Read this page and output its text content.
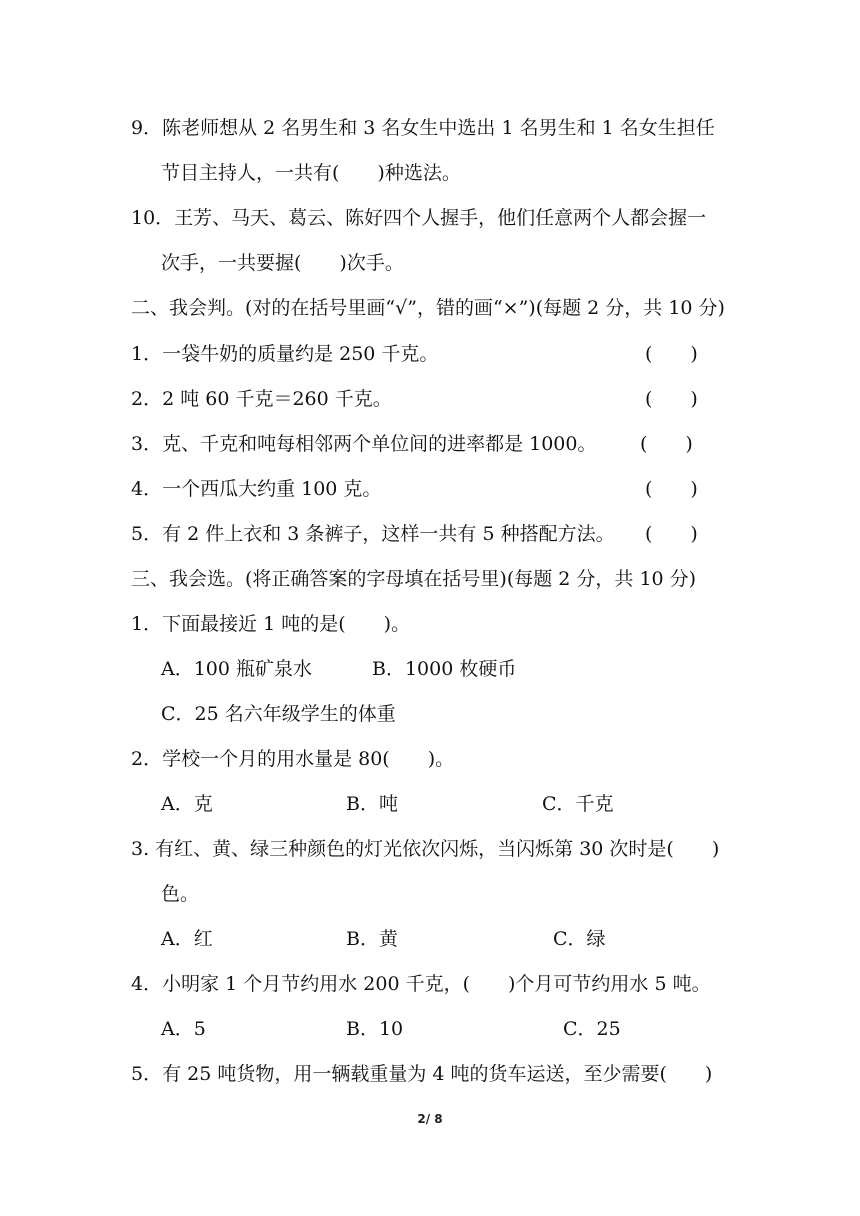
9．陈老师想从 2 名男生和 3 名女生中选出 1 名男生和 1 名女生担任
节目主持人，一共有(　　)种选法。
10．王芳、马天、葛云、陈好四个人握手，他们任意两个人都会握一
次手，一共要握(　　)次手。
二、我会判。(对的在括号里画“√”，错的画“×”)(每题 2 分，共 10 分)
1．一袋牛奶的质量约是 250 千克。	(　　)
2．2 吨 60 千克＝260 千克。	(　　)
3．克、千克和吨每相邻两个单位间的进率都是 1000。 (　　)
4．一个西瓜大约重 100 克。	(　　)
5．有 2 件上衣和 3 条裤子，这样一共有 5 种搭配方法。 (　　)
三、我会选。(将正确答案的字母填在括号里)(每题 2 分，共 10 分)
1．下面最接近 1 吨的是(　　)。
A．100 瓶矿泉水	B．1000 枚硬币
C．25 名六年级学生的体重
2．学校一个月的用水量是 80(　　)。
A．克	B．吨	C．千克
3. 有红、黄、绿三种颜色的灯光依次闪烁，当闪烁第 30 次时是(　　)
色。
A．红	B．黄	C．绿
4．小明家 1 个月节约用水 200 千克，(　　)个月可节约用水 5 吨。
A．5	B．10	C．25
5．有 25 吨货物，用一辆载重量为 4 吨的货车运送，至少需要(　　)
2/ 8
